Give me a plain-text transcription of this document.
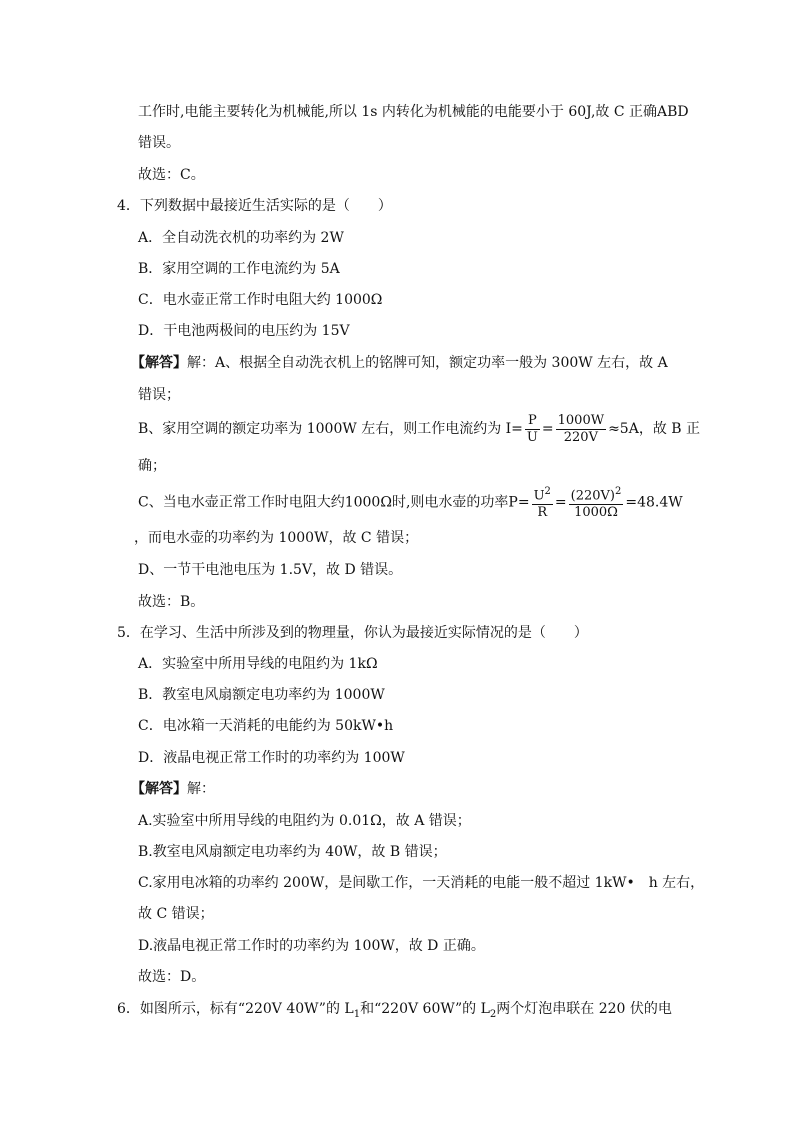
工作时,电能主要转化为机械能,所以 1s 内转化为机械能的电能要小于 60J,故 C 正确ABD
错误。
故选：C。
4．下列数据中最接近生活实际的是（　　）
A．全自动洗衣机的功率约为 2W
B．家用空调的工作电流约为 5A
C．电水壶正常工作时电阻大约 1000Ω
D．干电池两极间的电压约为 15V
【解答】解：A、根据全自动洗衣机上的铭牌可知，额定功率一般为 300W 左右，故 A
错误；
B、家用空调的额定功率为 1000W 左右，则工作电流约为 $I= \frac{P}{U} = \frac{1000W}{220V} \approx 5A$，故 B 正
确；
C、当电水壶正常工作时电阻大约1000Ω时,则电水壶的功率$P= \frac{U^2}{R} = \frac{(220V)^2}{1000\Omega} =48.4W$
，而电水壶的功率约为 1000W，故 C 错误；
D、一节干电池电压为 1.5V，故 D 错误。
故选：B。
5．在学习、生活中所涉及到的物理量，你认为最接近实际情况的是（　　）
A．实验室中所用导线的电阻约为 1kΩ
B．教室电风扇额定电功率约为 1000W
C．电冰箱一天消耗的电能约为 50kW•h
D．液晶电视正常工作时的功率约为 100W
【解答】解：
A.实验室中所用导线的电阻约为 0.01Ω，故 A 错误；
B.教室电风扇额定电功率约为 40W，故 B 错误；
C.家用电冰箱的功率约 200W，是间歇工作，一天消耗的电能一般不超过 1kW•　h 左右，
故 C 错误；
D.液晶电视正常工作时的功率约为 100W，故 D 正确。
故选：D。
6．如图所示，标有“220V 40W”的 $L_1$和“220V 60W”的 $L_2$两个灯泡串联在 220 伏的电
